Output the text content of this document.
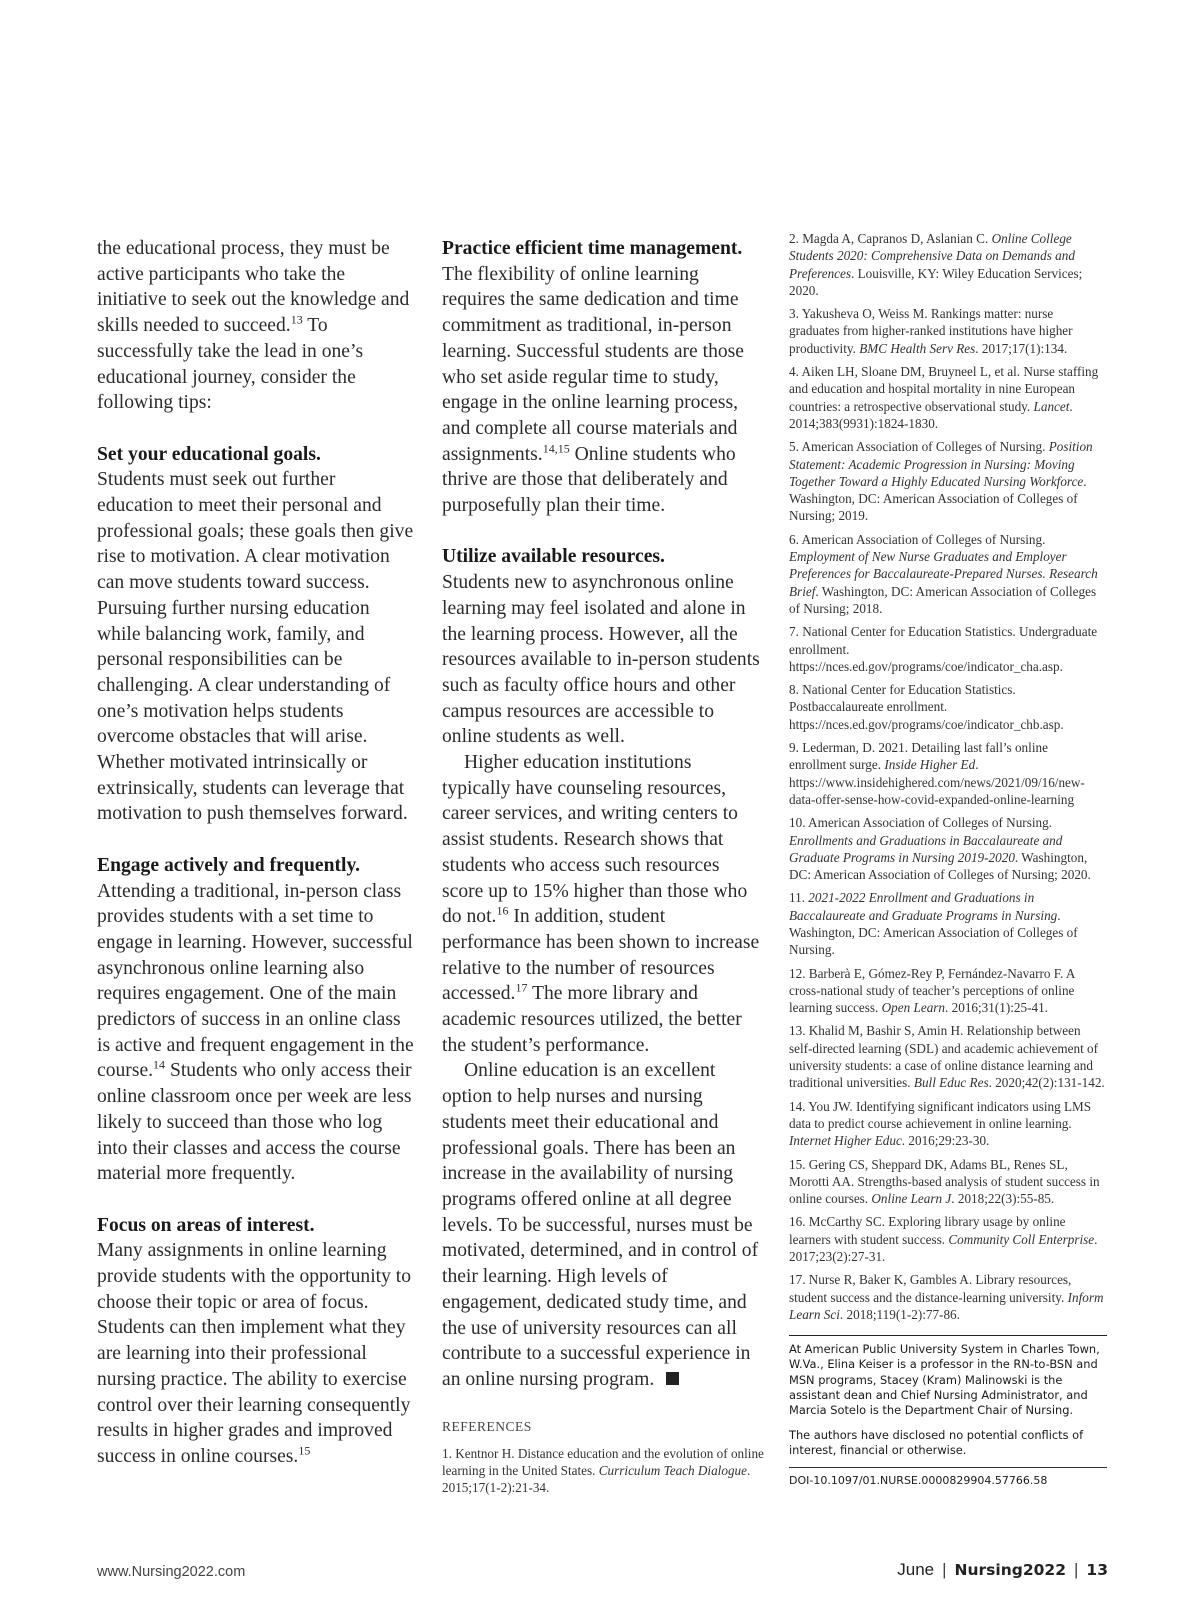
the educational process, they must be active participants who take the initiative to seek out the knowledge and skills needed to succeed.$^{13}$ To successfully take the lead in one’s educational journey, consider the following tips:

Set your educational goals.
Students must seek out further education to meet their personal and professional goals; these goals then give rise to motivation. A clear motivation can move students toward success. Pursuing further nursing education while balancing work, family, and personal responsibilities can be challenging. A clear understanding of one’s motivation helps students overcome obstacles that will arise. Whether motivated intrinsically or extrinsically, students can leverage that motivation to push themselves forward.

Engage actively and frequently.
Attending a traditional, in-person class provides students with a set time to engage in learning. However, successful asynchronous online learning also requires engagement. One of the main predictors of success in an online class is active and frequent engagement in the course.$^{14}$ Students who only access their online classroom once per week are less likely to succeed than those who log into their classes and access the course material more frequently.

Focus on areas of interest.
Many assignments in online learning provide students with the opportunity to choose their topic or area of focus. Students can then implement what they are learning into their professional nursing practice. The ability to exercise control over their learning consequently results in higher grades and improved success in online courses.$^{15}$

Practice efficient time management. The flexibility of online learning requires the same dedication and time commitment as traditional, in-person learning. Successful students are those who set aside regular time to study, engage in the online learning process, and complete all course materials and assignments.$^{14,15}$ Online students who thrive are those that deliberately and purposefully plan their time.

Utilize available resources.
Students new to asynchronous online learning may feel isolated and alone in the learning process. However, all the resources available to in-person students such as faculty office hours and other campus resources are accessible to online students as well.

Higher education institutions typically have counseling resources, career services, and writing centers to assist students. Research shows that students who access such resources score up to 15% higher than those who do not.$^{16}$ In addition, student performance has been shown to increase relative to the number of resources accessed.$^{17}$ The more library and academic resources utilized, the better the student’s performance.

Online education is an excellent option to help nurses and nursing students meet their educational and professional goals. There has been an increase in the availability of nursing programs offered online at all degree levels. To be successful, nurses must be motivated, determined, and in control of their learning. High levels of engagement, dedicated study time, and the use of university resources can all contribute to a successful experience in an online nursing program.

REFERENCES

1. Kentnor H. Distance education and the evolution of online learning in the United States. Curriculum Teach Dialogue. 2015;17(1-2):21-34.

2. Magda A, Capranos D, Aslanian C. Online College Students 2020: Comprehensive Data on Demands and Preferences. Louisville, KY: Wiley Education Services; 2020.

3. Yakusheva O, Weiss M. Rankings matter: nurse graduates from higher-ranked institutions have higher productivity. BMC Health Serv Res. 2017;17(1):134.

4. Aiken LH, Sloane DM, Bruyneel L, et al. Nurse staffing and education and hospital mortality in nine European countries: a retrospective observational study. Lancet. 2014;383(9931):1824-1830.

5. American Association of Colleges of Nursing. Position Statement: Academic Progression in Nursing: Moving Together Toward a Highly Educated Nursing Workforce. Washington, DC: American Association of Colleges of Nursing; 2019.

6. American Association of Colleges of Nursing. Employment of New Nurse Graduates and Employer Preferences for Baccalaureate-Prepared Nurses. Research Brief. Washington, DC: American Association of Colleges of Nursing; 2018.

7. National Center for Education Statistics. Undergraduate enrollment. https://nces.ed.gov/programs/coe/indicator_cha.asp.

8. National Center for Education Statistics. Postbaccalaureate enrollment. https://nces.ed.gov/programs/coe/indicator_chb.asp.

9. Lederman, D. 2021. Detailing last fall’s online enrollment surge. Inside Higher Ed. https://www.insidehighered.com/news/2021/09/16/new-data-offer-sense-how-covid-expanded-online-learning

10. American Association of Colleges of Nursing. Enrollments and Graduations in Baccalaureate and Graduate Programs in Nursing 2019-2020. Washington, DC: American Association of Colleges of Nursing; 2020.

11. 2021-2022 Enrollment and Graduations in Baccalaureate and Graduate Programs in Nursing. Washington, DC: American Association of Colleges of Nursing.

12. Barberà E, Gómez-Rey P, Fernández-Navarro F. A cross-national study of teacher’s perceptions of online learning success. Open Learn. 2016;31(1):25-41.

13. Khalid M, Bashir S, Amin H. Relationship between self-directed learning (SDL) and academic achievement of university students: a case of online distance learning and traditional universities. Bull Educ Res. 2020;42(2):131-142.

14. You JW. Identifying significant indicators using LMS data to predict course achievement in online learning. Internet Higher Educ. 2016;29:23-30.

15. Gering CS, Sheppard DK, Adams BL, Renes SL, Morotti AA. Strengths-based analysis of student success in online courses. Online Learn J. 2018;22(3):55-85.

16. McCarthy SC. Exploring library usage by online learners with student success. Community Coll Enterprise. 2017;23(2):27-31.

17. Nurse R, Baker K, Gambles A. Library resources, student success and the distance-learning university. Inform Learn Sci. 2018;119(1-2):77-86.

At American Public University System in Charles Town, W.Va., Elina Keiser is a professor in the RN-to-BSN and MSN programs, Stacey (Kram) Malinowski is the assistant dean and Chief Nursing Administrator, and Marcia Sotelo is the Department Chair of Nursing.

The authors have disclosed no potential conflicts of interest, financial or otherwise.

DOI-10.1097/01.NURSE.0000829904.57766.58
www.Nursing2022.com	June | Nursing2022 | 13
